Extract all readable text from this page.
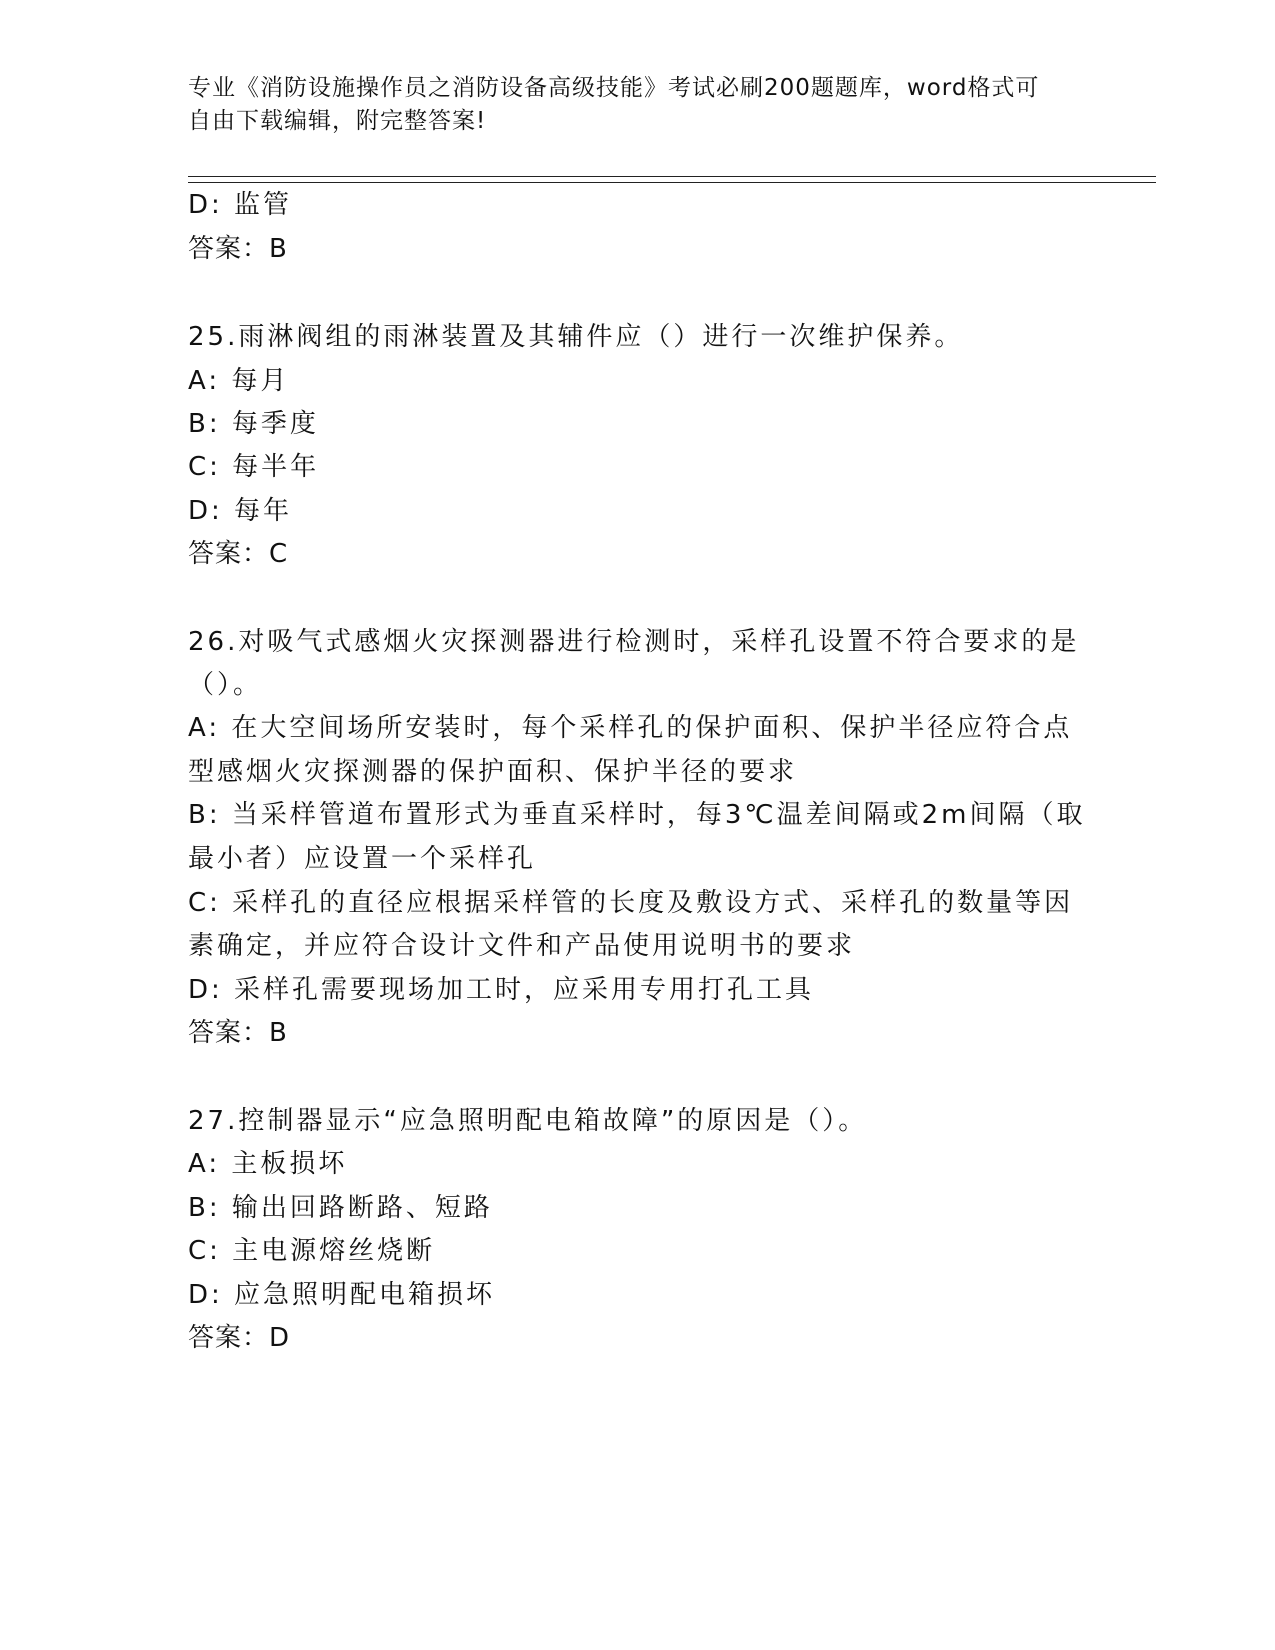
专业《消防设施操作员之消防设备高级技能》考试必刷200题题库，word格式可
自由下载编辑，附完整答案!
D: 监管
答案：B
25.雨淋阀组的雨淋装置及其辅件应（）进行一次维护保养。
A: 每月
B: 每季度
C: 每半年
D: 每年
答案：C
26.对吸气式感烟火灾探测器进行检测时，采样孔设置不符合要求的是
（）。
A: 在大空间场所安装时，每个采样孔的保护面积、保护半径应符合点
型感烟火灾探测器的保护面积、保护半径的要求
B: 当采样管道布置形式为垂直采样时，每3℃温差间隔或2m间隔（取
最小者）应设置一个采样孔
C: 采样孔的直径应根据采样管的长度及敷设方式、采样孔的数量等因
素确定，并应符合设计文件和产品使用说明书的要求
D: 采样孔需要现场加工时，应采用专用打孔工具
答案：B
27.控制器显示“应急照明配电箱故障”的原因是（）。
A: 主板损坏
B: 输出回路断路、短路
C: 主电源熔丝烧断
D: 应急照明配电箱损坏
答案：D
